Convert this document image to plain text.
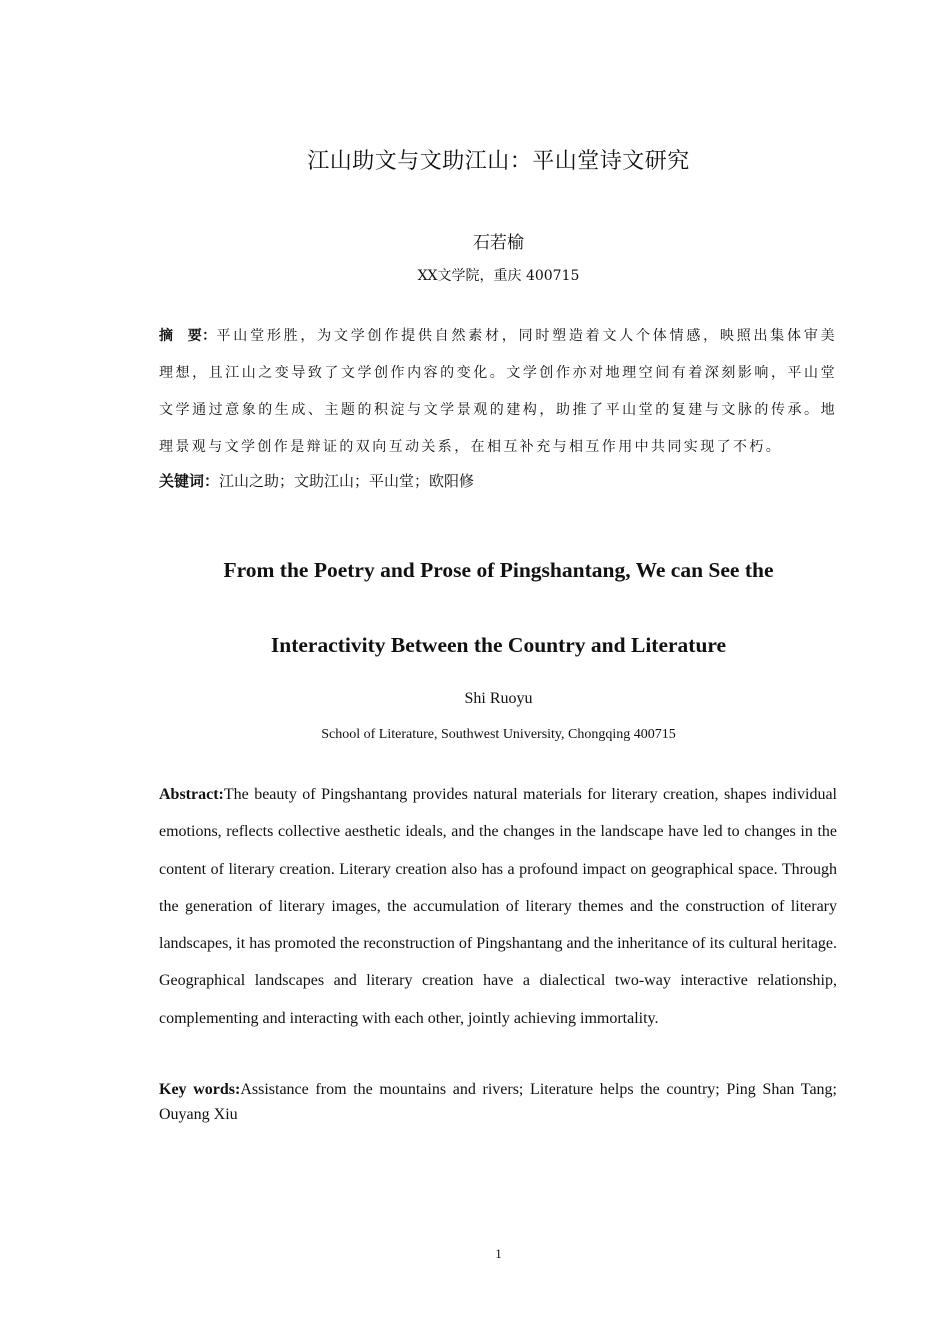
江山助文与文助江山：平山堂诗文研究
石若榆
XX文学院，重庆 400715
摘　要：平山堂形胜，为文学创作提供自然素材，同时塑造着文人个体情感，映照出集体审美理想，且江山之变导致了文学创作内容的变化。文学创作亦对地理空间有着深刻影响，平山堂文学通过意象的生成、主题的积淀与文学景观的建构，助推了平山堂的复建与文脉的传承。地理景观与文学创作是辩证的双向互动关系，在相互补充与相互作用中共同实现了不朽。
关键词：江山之助；文助江山；平山堂；欧阳修
From the Poetry and Prose of Pingshantang, We can See the
Interactivity Between the Country and Literature
Shi Ruoyu
School of Literature, Southwest University, Chongqing 400715
Abstract:The beauty of Pingshantang provides natural materials for literary creation, shapes individual emotions, reflects collective aesthetic ideals, and the changes in the landscape have led to changes in the content of literary creation. Literary creation also has a profound impact on geographical space. Through the generation of literary images, the accumulation of literary themes and the construction of literary landscapes, it has promoted the reconstruction of Pingshantang and the inheritance of its cultural heritage. Geographical landscapes and literary creation have a dialectical two-way interactive relationship, complementing and interacting with each other, jointly achieving immortality.
Key words:Assistance from the mountains and rivers; Literature helps the country; Ping Shan Tang; Ouyang Xiu
1
